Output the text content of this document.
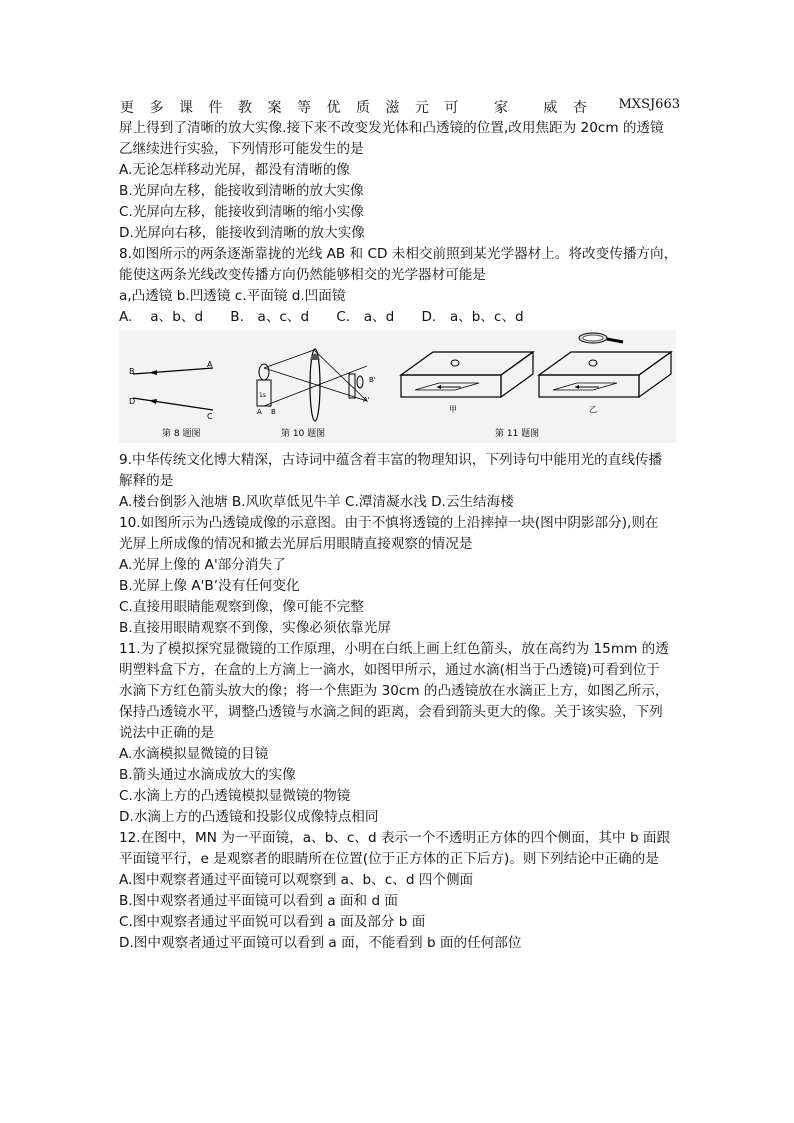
更多课件教案等优质滋元可 家 威杏 MXSJ663
屏上得到了清晰的放大实像.接下来不改变发光体和凸透镜的位置,改用焦距为 20cm 的透镜
乙继续进行实验，下列情形可能发生的是
A.无论怎样移动光屏，都没有清晰的像
B.光屏向左移，能接收到清晰的放大实像
C.光屏向左移，能接收到清晰的缩小实像
D.光屏向右移，能接收到清晰的放大实像
8.如图所示的两条逐渐靠拢的光线 AB 和 CD 未相交前照到某光学器材上。将改变传播方向，
能使这两条光线改变传播方向仍然能够相交的光学器材可能是
a,凸透镜 b.凹透镜 c.平面镜 d.凹面镜
A.　 a、b、d　　B.　a、c、d　　C.　a、d　　D.　a、b、c、d
B
A
D
C
第 8 题图
1s
A B
B'
A'
第 10 题图
甲	乙
第 11 题图
9.中华传统文化博大精深，古诗词中蕴含着丰富的物理知识，下列诗句中能用光的直线传播
解释的是
A.楼台倒影入池塘 B.风吹草低见牛羊 C.潭清凝水浅 D.云生结海楼
10.如图所示为凸透镜成像的示意图。由于不慎将透镜的上沿摔掉一块(图中阴影部分),则在
光屏上所成像的情况和撤去光屏后用眼睛直接观察的情况是
A.光屏上像的 A'部分消失了
B.光屏上像 A'B’没有任何变化
C.直接用眼睛能观察到像，像可能不完整
B.直接用眼睛观察不到像，实像必须依靠光屏
11.为了模拟探究显微镜的工作原理，小明在白纸上画上红色箭头，放在高约为 15mm 的透
明塑料盒下方，在盒的上方滴上一滴水，如图甲所示，通过水滴(相当于凸透镜)可看到位于
水滴下方红色箭头放大的像；将一个焦距为 30cm 的凸透镜放在水滴正上方，如图乙所示，
保持凸透镜水平，调整凸透镜与水滴之间的距离，会看到箭头更大的像。关于该实验，下列
说法中正确的是
A.水滴模拟显微镜的目镜
B.箭头通过水滴成放大的实像
C.水滴上方的凸透镜模拟显微镜的物镜
D.水滴上方的凸透镜和投影仪成像特点相同
12.在图中，MN 为一平面镜，a、b、c、d 表示一个不透明正方体的四个侧面，其中 b 面跟
平面镜平行，e 是观察者的眼睛所在位置(位于正方体的正下后方)。则下列结论中正确的是
A.图中观察者通过平面镜可以观察到 a、b、c、d 四个侧面
B.图中观察者通过平面镜可以看到 a 面和 d 面
C.图中观察者通过平面锐可以看到 a 面及部分 b 面
D.图中观察者通过平面镜可以看到 a 面，不能看到 b 面的任何部位
